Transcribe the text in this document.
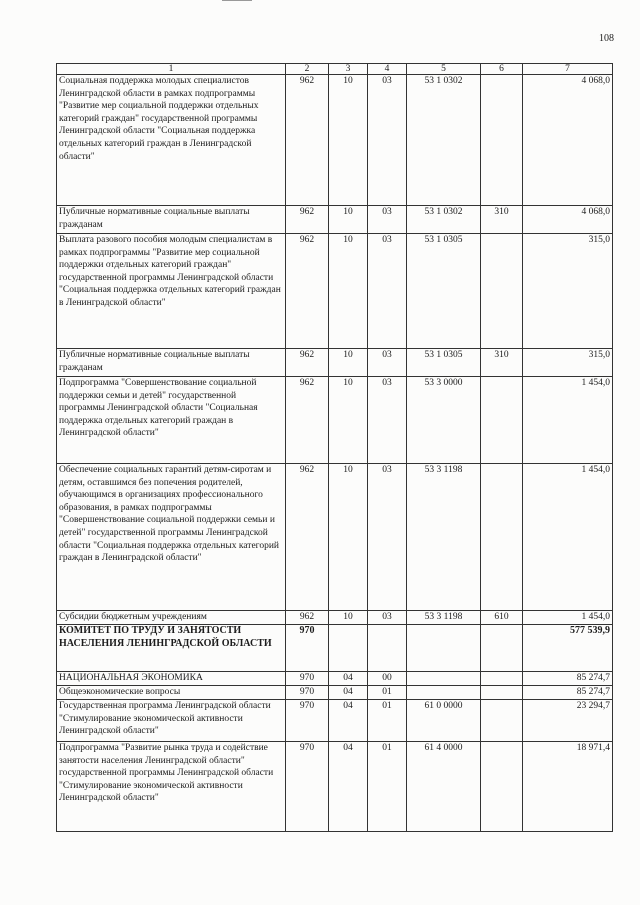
108
1	2	3	4	5	6	7
Социальная поддержка молодых специалистов Ленинградской области в рамках подпрограммы "Развитие мер социальной поддержки отдельных категорий граждан" государственной программы Ленинградской области "Социальная поддержка отдельных категорий граждан в Ленинградской области"	962	10	03	53 1 0302		4 068,0
Публичные нормативные социальные выплаты гражданам	962	10	03	53 1 0302	310	4 068,0
Выплата разового пособия молодым специалистам в рамках подпрограммы "Развитие мер социальной поддержки отдельных категорий граждан" государственной программы Ленинградской области "Социальная поддержка отдельных категорий граждан в Ленинградской области"	962	10	03	53 1 0305		315,0
Публичные нормативные социальные выплаты гражданам	962	10	03	53 1 0305	310	315,0
Подпрограмма "Совершенствование социальной поддержки семьи и детей" государственной программы Ленинградской области "Социальная поддержка отдельных категорий граждан в Ленинградской области"	962	10	03	53 3 0000		1 454,0
Обеспечение социальных гарантий детям-сиротам и детям, оставшимся без попечения родителей, обучающимся в организациях профессионального образования, в рамках подпрограммы "Совершенствование социальной поддержки семьи и детей" государственной программы Ленинградской области "Социальная поддержка отдельных категорий граждан в Ленинградской области"	962	10	03	53 3 1198		1 454,0
Субсидии бюджетным учреждениям	962	10	03	53 3 1198	610	1 454,0
КОМИТЕТ ПО ТРУДУ И ЗАНЯТОСТИ НАСЕЛЕНИЯ ЛЕНИНГРАДСКОЙ ОБЛАСТИ	970					577 539,9
НАЦИОНАЛЬНАЯ ЭКОНОМИКА	970	04	00			85 274,7
Общеэкономические вопросы	970	04	01			85 274,7
Государственная программа Ленинградской области "Стимулирование экономической активности Ленинградской области"	970	04	01	61 0 0000		23 294,7
Подпрограмма "Развитие рынка труда и содействие занятости населения Ленинградской области" государственной программы Ленинградской области "Стимулирование экономической активности Ленинградской области"	970	04	01	61 4 0000		18 971,4
